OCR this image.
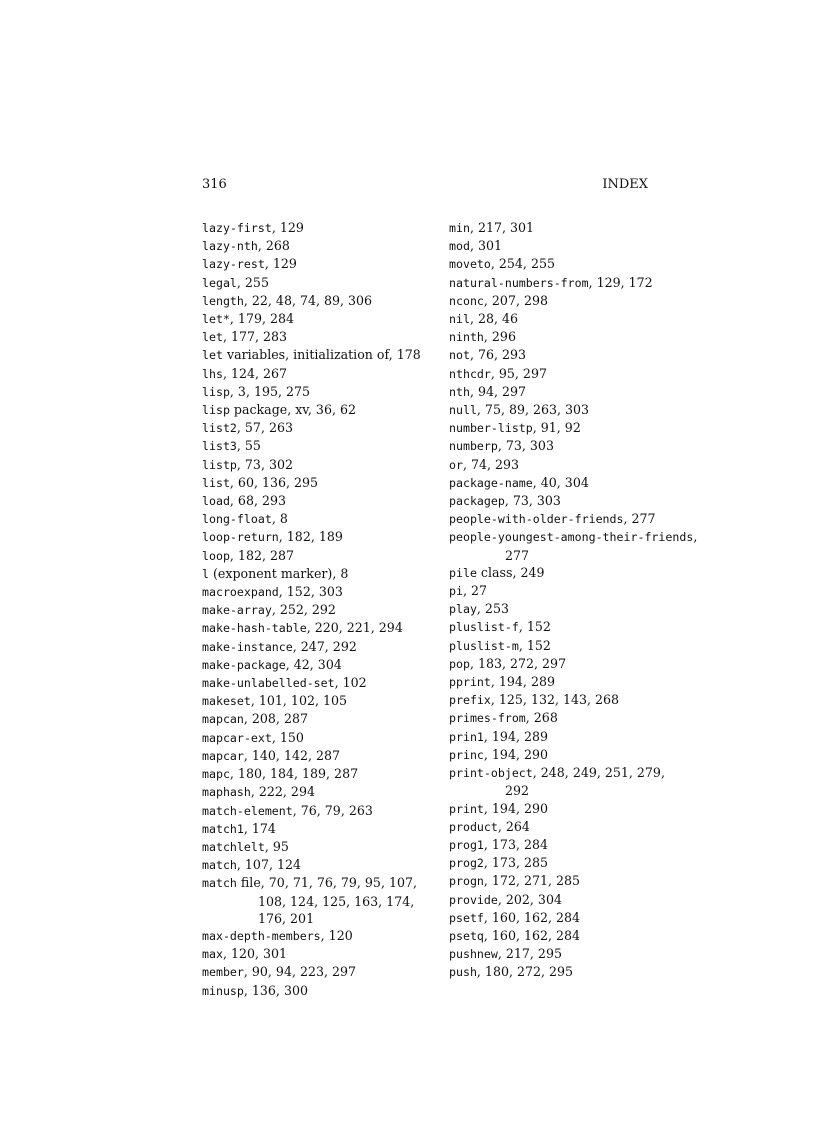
316	INDEX
lazy-first, 129
lazy-nth, 268
lazy-rest, 129
legal, 255
length, 22, 48, 74, 89, 306
let*, 179, 284
let, 177, 283
let variables, initialization of, 178
lhs, 124, 267
lisp, 3, 195, 275
lisp package, xv, 36, 62
list2, 57, 263
list3, 55
listp, 73, 302
list, 60, 136, 295
load, 68, 293
long-float, 8
loop-return, 182, 189
loop, 182, 287
l (exponent marker), 8
macroexpand, 152, 303
make-array, 252, 292
make-hash-table, 220, 221, 294
make-instance, 247, 292
make-package, 42, 304
make-unlabelled-set, 102
makeset, 101, 102, 105
mapcan, 208, 287
mapcar-ext, 150
mapcar, 140, 142, 287
mapc, 180, 184, 189, 287
maphash, 222, 294
match-element, 76, 79, 263
match1, 174
matchlelt, 95
match, 107, 124
match file, 70, 71, 76, 79, 95, 107,
108, 124, 125, 163, 174,
176, 201
max-depth-members, 120
max, 120, 301
member, 90, 94, 223, 297
minusp, 136, 300
min, 217, 301
mod, 301
moveto, 254, 255
natural-numbers-from, 129, 172
nconc, 207, 298
nil, 28, 46
ninth, 296
not, 76, 293
nthcdr, 95, 297
nth, 94, 297
null, 75, 89, 263, 303
number-listp, 91, 92
numberp, 73, 303
or, 74, 293
package-name, 40, 304
packagep, 73, 303
people-with-older-friends, 277
people-youngest-among-their-friends,
277
pile class, 249
pi, 27
play, 253
pluslist-f, 152
pluslist-m, 152
pop, 183, 272, 297
pprint, 194, 289
prefix, 125, 132, 143, 268
primes-from, 268
prin1, 194, 289
princ, 194, 290
print-object, 248, 249, 251, 279,
292
print, 194, 290
product, 264
prog1, 173, 284
prog2, 173, 285
progn, 172, 271, 285
provide, 202, 304
psetf, 160, 162, 284
psetq, 160, 162, 284
pushnew, 217, 295
push, 180, 272, 295
